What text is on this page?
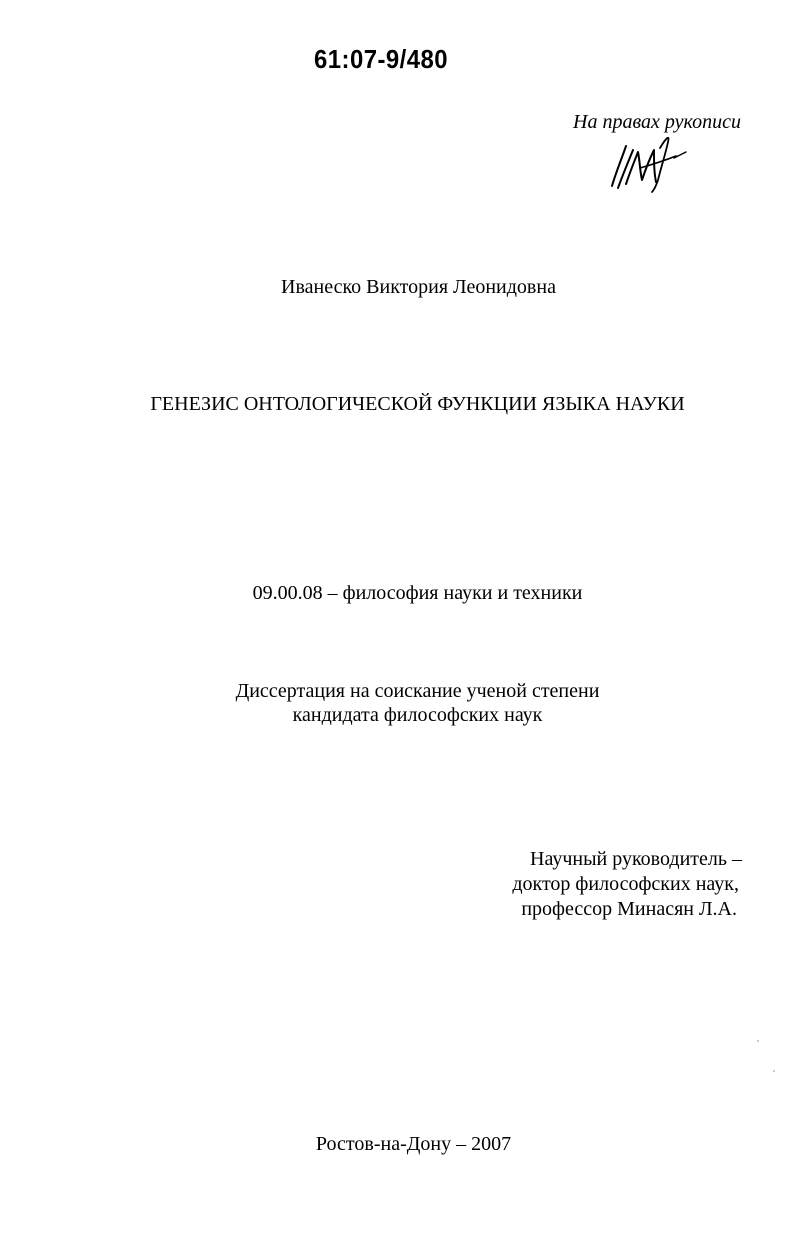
61:07-9/480
На правах рукописи
Иванеско Виктория Леонидовна
ГЕНЕЗИС ОНТОЛОГИЧЕСКОЙ ФУНКЦИИ ЯЗЫКА НАУКИ
09.00.08 – философия науки и техники
Диссертация на соискание ученой степени
кандидата философских наук
Научный руководитель –
доктор философских наук,
профессор Минасян Л.А.
Ростов-на-Дону – 2007
